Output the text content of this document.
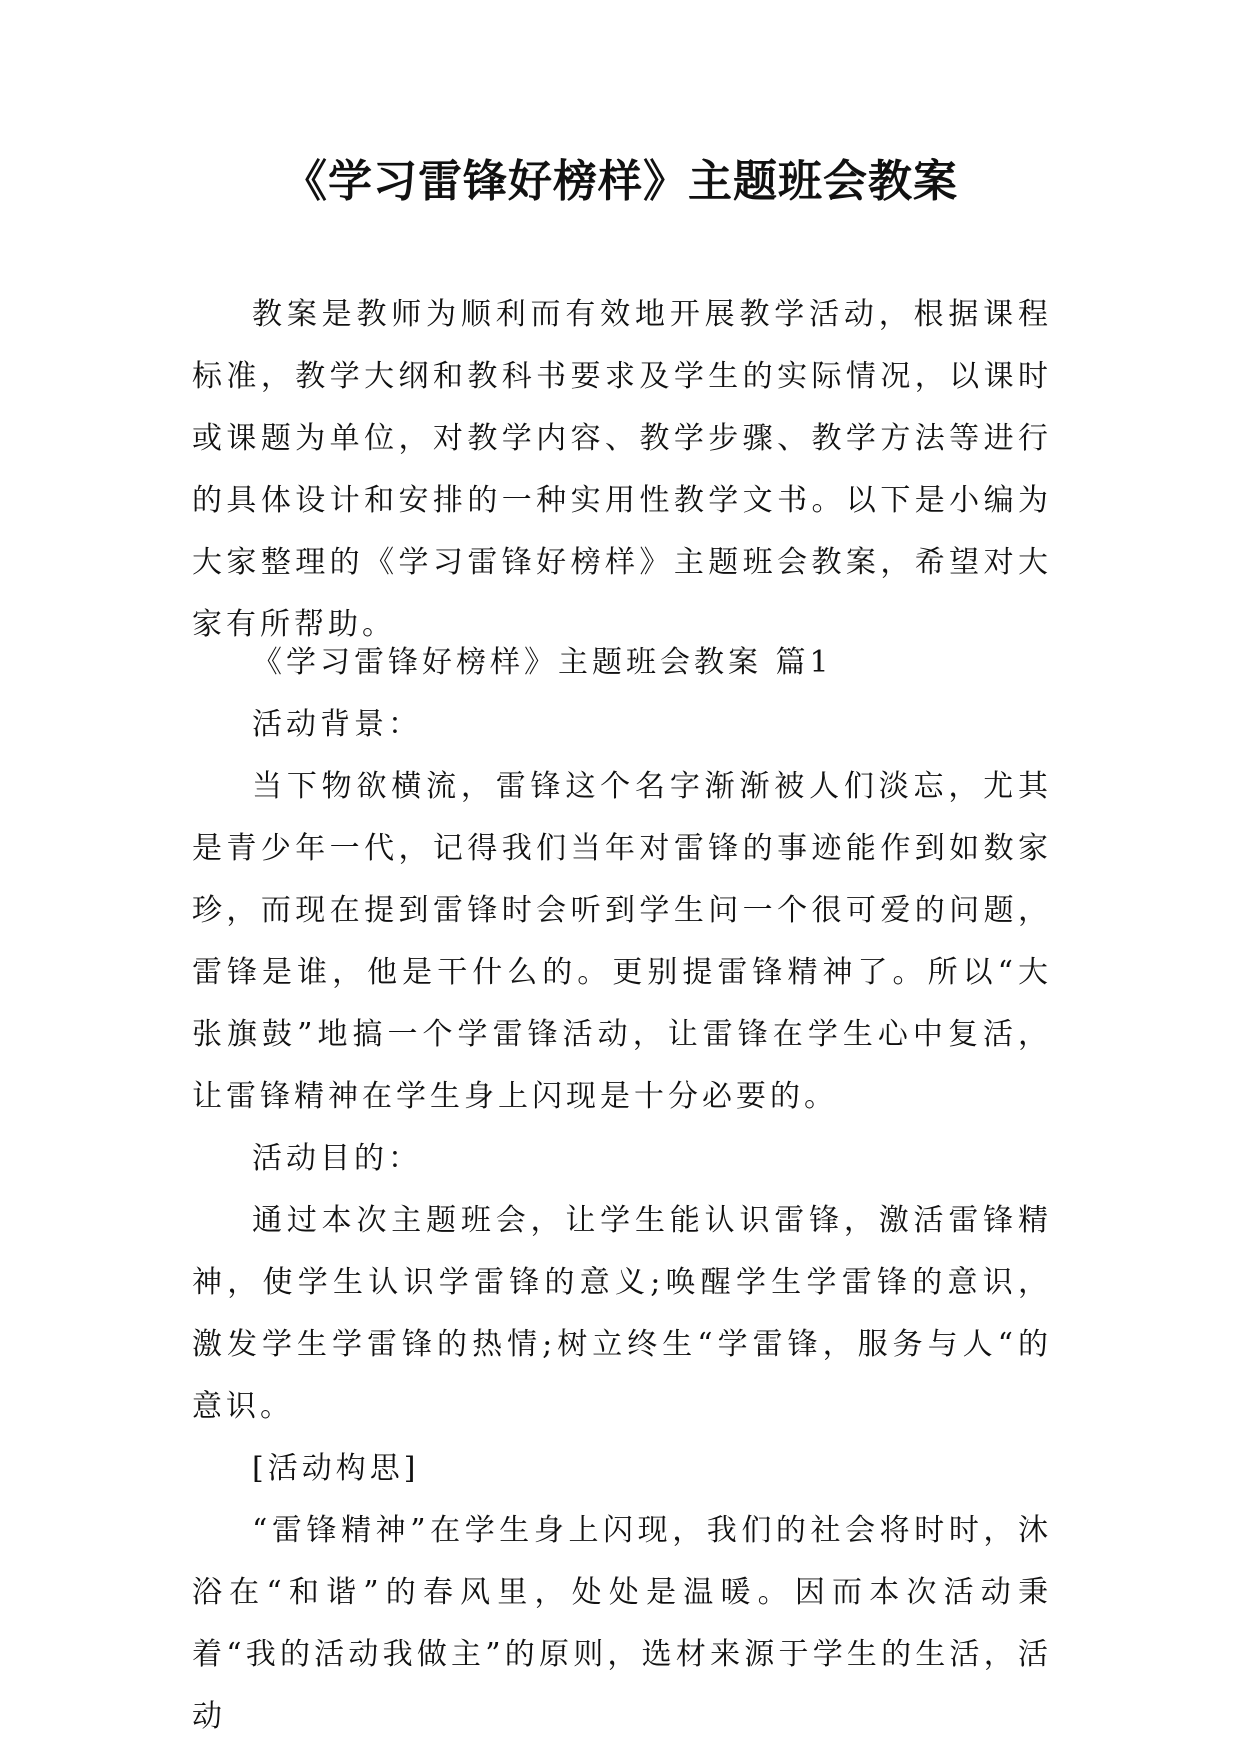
《学习雷锋好榜样》主题班会教案

教案是教师为顺利而有效地开展教学活动，根据课程标准，教学大纲和教科书要求及学生的实际情况，以课时或课题为单位，对教学内容、教学步骤、教学方法等进行的具体设计和安排的一种实用性教学文书。以下是小编为大家整理的《学习雷锋好榜样》主题班会教案，希望对大家有所帮助。

《学习雷锋好榜样》主题班会教案 篇1

活动背景：

当下物欲横流，雷锋这个名字渐渐被人们淡忘，尤其是青少年一代，记得我们当年对雷锋的事迹能作到如数家珍，而现在提到雷锋时会听到学生问一个很可爱的问题，雷锋是谁，他是干什么的。更别提雷锋精神了。所以“大张旗鼓”地搞一个学雷锋活动，让雷锋在学生心中复活，让雷锋精神在学生身上闪现是十分必要的。

活动目的：

通过本次主题班会，让学生能认识雷锋，激活雷锋精神，使学生认识学雷锋的意义;唤醒学生学雷锋的意识，激发学生学雷锋的热情;树立终生“学雷锋，服务与人“的意识。

[活动构思]

“雷锋精神”在学生身上闪现，我们的社会将时时，沐浴在“和谐”的春风里，处处是温暖。因而本次活动秉着“我的活动我做主”的原则，选材来源于学生的生活，活动
